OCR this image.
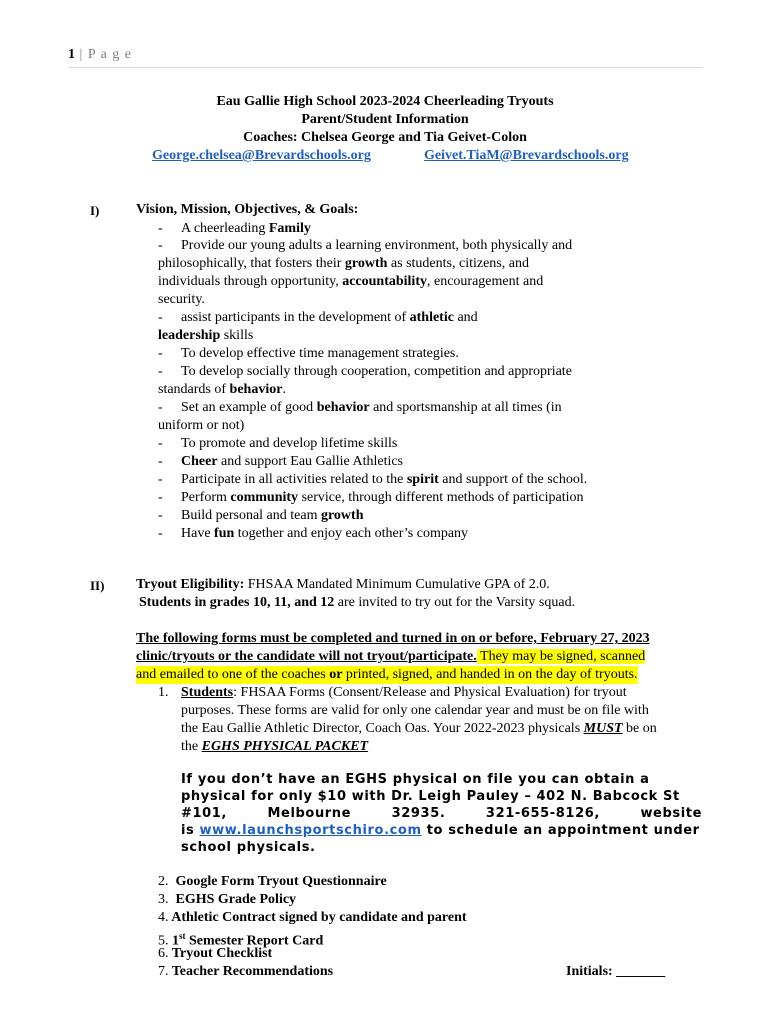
1 | P a g e
Eau Gallie High School 2023-2024 Cheerleading Tryouts
Parent/Student Information
Coaches: Chelsea George and Tia Geivet-Colon
George.chelsea@Brevardschools.org	Geivet.TiaM@Brevardschools.org
I)	Vision, Mission, Objectives, & Goals:
- A cheerleading Family
- Provide our young adults a learning environment, both physically and
philosophically, that fosters their growth as students, citizens, and
individuals through opportunity, accountability, encouragement and
security.
- assist participants in the development of athletic and
leadership skills
- To develop effective time management strategies.
- To develop socially through cooperation, competition and appropriate
standards of behavior.
- Set an example of good behavior and sportsmanship at all times (in
uniform or not)
- To promote and develop lifetime skills
- Cheer and support Eau Gallie Athletics
- Participate in all activities related to the spirit and support of the school.
- Perform community service, through different methods of participation
- Build personal and team growth
- Have fun together and enjoy each other’s company
II) Tryout Eligibility: FHSAA Mandated Minimum Cumulative GPA of 2.0.
Students in grades 10, 11, and 12 are invited to try out for the Varsity squad.
The following forms must be completed and turned in on or before, February 27, 2023
clinic/tryouts or the candidate will not tryout/participate. They may be signed, scanned
and emailed to one of the coaches or printed, signed, and handed in on the day of tryouts.
1. Students: FHSAA Forms (Consent/Release and Physical Evaluation) for tryout
purposes. These forms are valid for only one calendar year and must be on file with
the Eau Gallie Athletic Director, Coach Oas. Your 2022-2023 physicals MUST be on
the EGHS PHYSICAL PACKET
If you don’t have an EGHS physical on file you can obtain a
physical for only $10 with Dr. Leigh Pauley – 402 N. Babcock St
#101,	Melbourne	32935.	321-655-8126,	website
is www.launchsportschiro.com to schedule an appointment under
school physicals.
2.  Google Form Tryout Questionnaire
3.  EGHS Grade Policy
4. Athletic Contract signed by candidate and parent
5. 1st Semester Report Card
6. Tryout Checklist
7. Teacher Recommendations	Initials: _______
